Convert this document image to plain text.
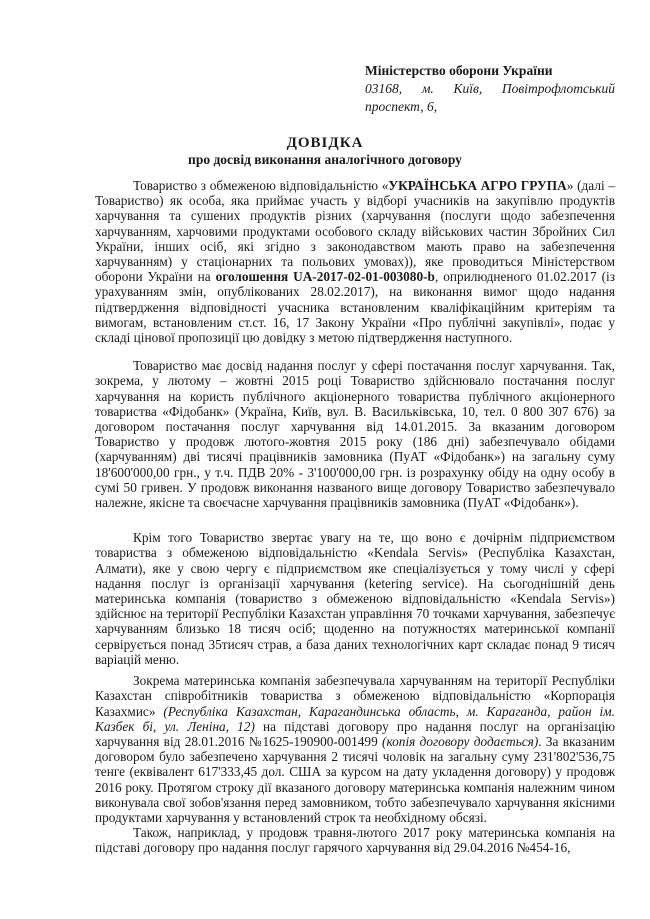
Міністерство оборони України
03168, м. Київ, Повітрофлотський
проспект, 6,
ДОВІДКА
про досвід виконання аналогічного договору

Товариство з обмеженою відповідальністю «УКРАЇНСЬКА АГРО ГРУПА» (далі – Товариство) як особа, яка приймає участь у відборі учасників на закупівлю продуктів харчування та сушених продуктів різних (харчування (послуги щодо забезпечення харчуванням, харчовими продуктами особового складу військових частин Збройних Сил України, інших осіб, які згідно з законодавством мають право на забезпечення харчуванням) у стаціонарних та польових умовах)), яке проводиться Міністерством оборони України на оголошення UA-2017-02-01-003080-b, оприлюдненого 01.02.2017 (із урахуванням змін, опублікованих 28.02.2017), на виконання вимог щодо надання підтвердження відповідності учасника встановленим кваліфікаційним критеріям та вимогам, встановленим ст.ст. 16, 17 Закону України «Про публічні закупівлі», подає у складі цінової пропозиції цю довідку з метою підтвердження наступного.

Товариство має досвід надання послуг у сфері постачання послуг харчування. Так, зокрема, у лютому – жовтні 2015 році Товариство здійснювало постачання послуг харчування на користь публічного акціонерного товариства публічного акціонерного товариства «Фідобанк» (Україна, Київ, вул. В. Васильківська, 10, тел. 0 800 307 676) за договором постачання послуг харчування від 14.01.2015. За вказаним договором Товариство у продовж лютого-жовтня 2015 року (186 дні) забезпечувало обідами (харчуванням) дві тисячі працівників замовника (ПуАТ «Фідобанк») на загальну суму 18'600'000,00 грн., у т.ч. ПДВ 20% - 3'100'000,00 грн. із розрахунку обіду на одну особу в сумі 50 гривен. У продовж виконання названого вище договору Товариство забезпечувало належне, якісне та своєчасне харчування працівників замовника (ПуАТ «Фідобанк»).

Крім того Товариство звертає увагу на те, що воно є дочірнім підприємством товариства з обмеженою відповідальністю «Kendala Servis» (Республіка Казахстан, Алмати), яке у свою чергу є підприємством яке спеціалізується у тому числі у сфері надання послуг із організації харчування (ketering service). На сьогоднішній день материнська компанія (товариство з обмеженою відповідальністю «Kendala Servis») здійснює на території Республіки Казахстан управління 70 точками харчування, забезпечує харчуванням близько 18 тисяч осіб; щоденно на потужностях материнської компанії сервірується понад 35тисяч страв, а база даних технологічних карт складає понад 9 тисяч варіацій меню.

Зокрема материнська компанія забезпечувала харчуванням на території Республіки Казахстан співробітників товариства з обмеженою відповідальністю «Корпорація Казахмис» (Республіка Казахстан, Карагандинська область, м. Караганда, район ім. Казбек бі, ул. Леніна, 12) на підставі договору про надання послуг на організацію харчування від 28.01.2016 №1625-190900-001499 (копія договору додається). За вказаним договором було забезпечено харчування 2 тисячі чоловік на загальну суму 231'802'536,75 тенге (еквівалент 617'333,45 дол. США за курсом на дату укладення договору) у продовж 2016 року. Протягом строку дії вказаного договору материнська компанія належним чином виконувала свої зобов'язання перед замовником, тобто забезпечувало харчування якісними продуктами харчування у встановлений строк та необхідному обсязі.

Також, наприклад, у продовж травня-лютого 2017 року материнська компанія на підставі договору про надання послуг гарячого харчування від 29.04.2016 №454-16,
